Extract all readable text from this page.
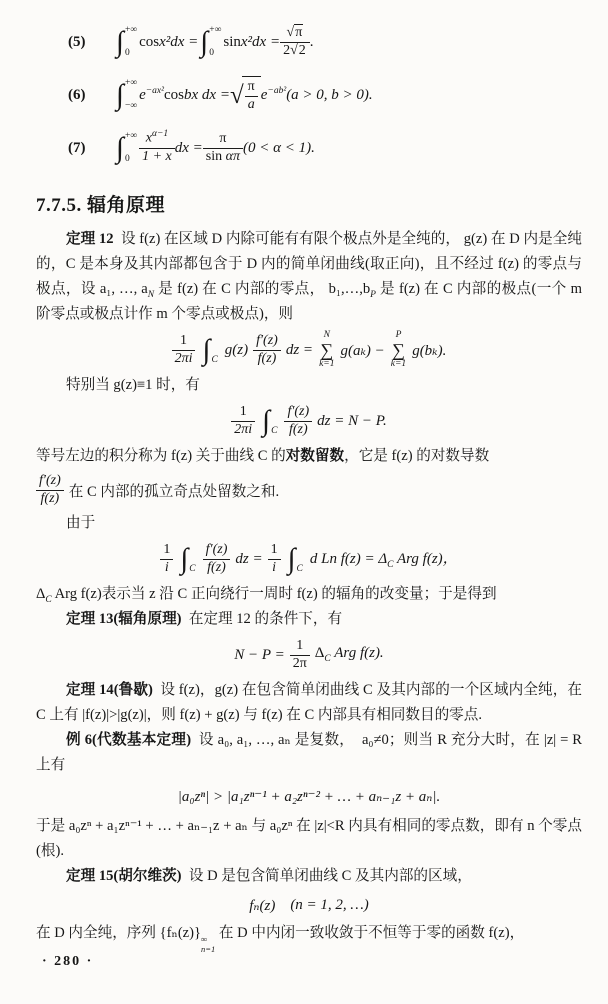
(5)	∫ +∞
0
cos x²dx = ∫ +∞
0
$\sin x^2dx = \frac{√\pi}{2√2}$ .
(6)	∫ +∞
−∞
$e^{-ax^2}$ cos bx dx = √ $\frac{\pi}{a} e^{-ab^2}$ (a > 0, b > 0).
(7)	∫ +∞
$0 \frac{x^{\alpha-1}}{1 + x}$ dx = $\frac{\pi}{\text{sin απ}} (0 < \alpha < 1)$.
7.7.5. 辐角原理

定理 12  设 f(z) 在区域 D 内除可能有有限个极点外是全纯的， g(z) 在 D 内是全纯的，C 是本身及其内部都包含于 D 内的简单闭曲线(取正向)，且不经过 f(z) 的零点与极点，设 a₁, …, $a_N$ 是 f(z) 在 C 内部的零点， $b_1,\dots,b_P$ 是 f(z) 在 C 内部的极点(一个 m 阶零点或极点计作 m 个零点或极点)，则

$\frac{1}{2\pi i}$ ∫ C
$g(z) \frac{f'(z)}{f(z)}$ dz =
N
∑
k=1
g(aₖ) −
P
∑
k=1
g(bₖ).

特别当 g(z)≡1 时，有

$\frac{1}{2\pi i}$ ∫ C $\frac{f'(z)}{f(z)}$ dz = N − P.

等号左边的积分称为 f(z) 关于曲线 C 的对数留数，它是 f(z) 的对数导数

$\frac{f'(z)}{f(z)}$ 在 C 内部的孤立奇点处留数之和.

由于

$\frac{1}{i}$ ∫ C $\frac{f'(z)}{f(z)}$ dz = $\frac{1}{i}$ ∫ C
d Ln $f(z) = \Delta_C$ Arg f(z)，

$\Delta_C$ Arg f(z)表示当 z 沿 C 正向绕行一周时 f(z) 的辐角的改变量；于是得到

定理 13(辐角原理)  在定理 12 的条件下，有

$N - P = \frac{1}{2\pi} \Delta_C$ Arg f(z).

定理 14(鲁歇)  设 f(z)，g(z) 在包含简单闭曲线 C 及其内部的一个区域内全纯，在 C 上有 |f(z)|>|g(z)|，则 f(z) + g(z) 与 f(z) 在 C 内部具有相同数目的零点.

例 6(代数基本定理)  设 a₀, a₁, …, aₙ 是复数，  a₀≠0；则当 R 充分大时，在 |z| = R 上有

|a₀zⁿ| > |a₁zⁿ⁻¹ + a₂zⁿ⁻² + … + aₙ₋₁z + aₙ|.

于是 a₀zⁿ + a₁zⁿ⁻¹ + … + aₙ₋₁z + aₙ 与 a₀zⁿ 在 |z|<R 内具有相同的零点数，即有 n 个零点(根).

定理 15(胡尔维茨)  设 D 是包含简单闭曲线 C 及其内部的区域，

fₙ(z) (n = 1, 2, …)

在 D 内全纯，序列 {fₙ(z)} ∞
n=1
在 D 中内闭一致收敛于不恒等于零的函数 f(z)，

· 280 ·
